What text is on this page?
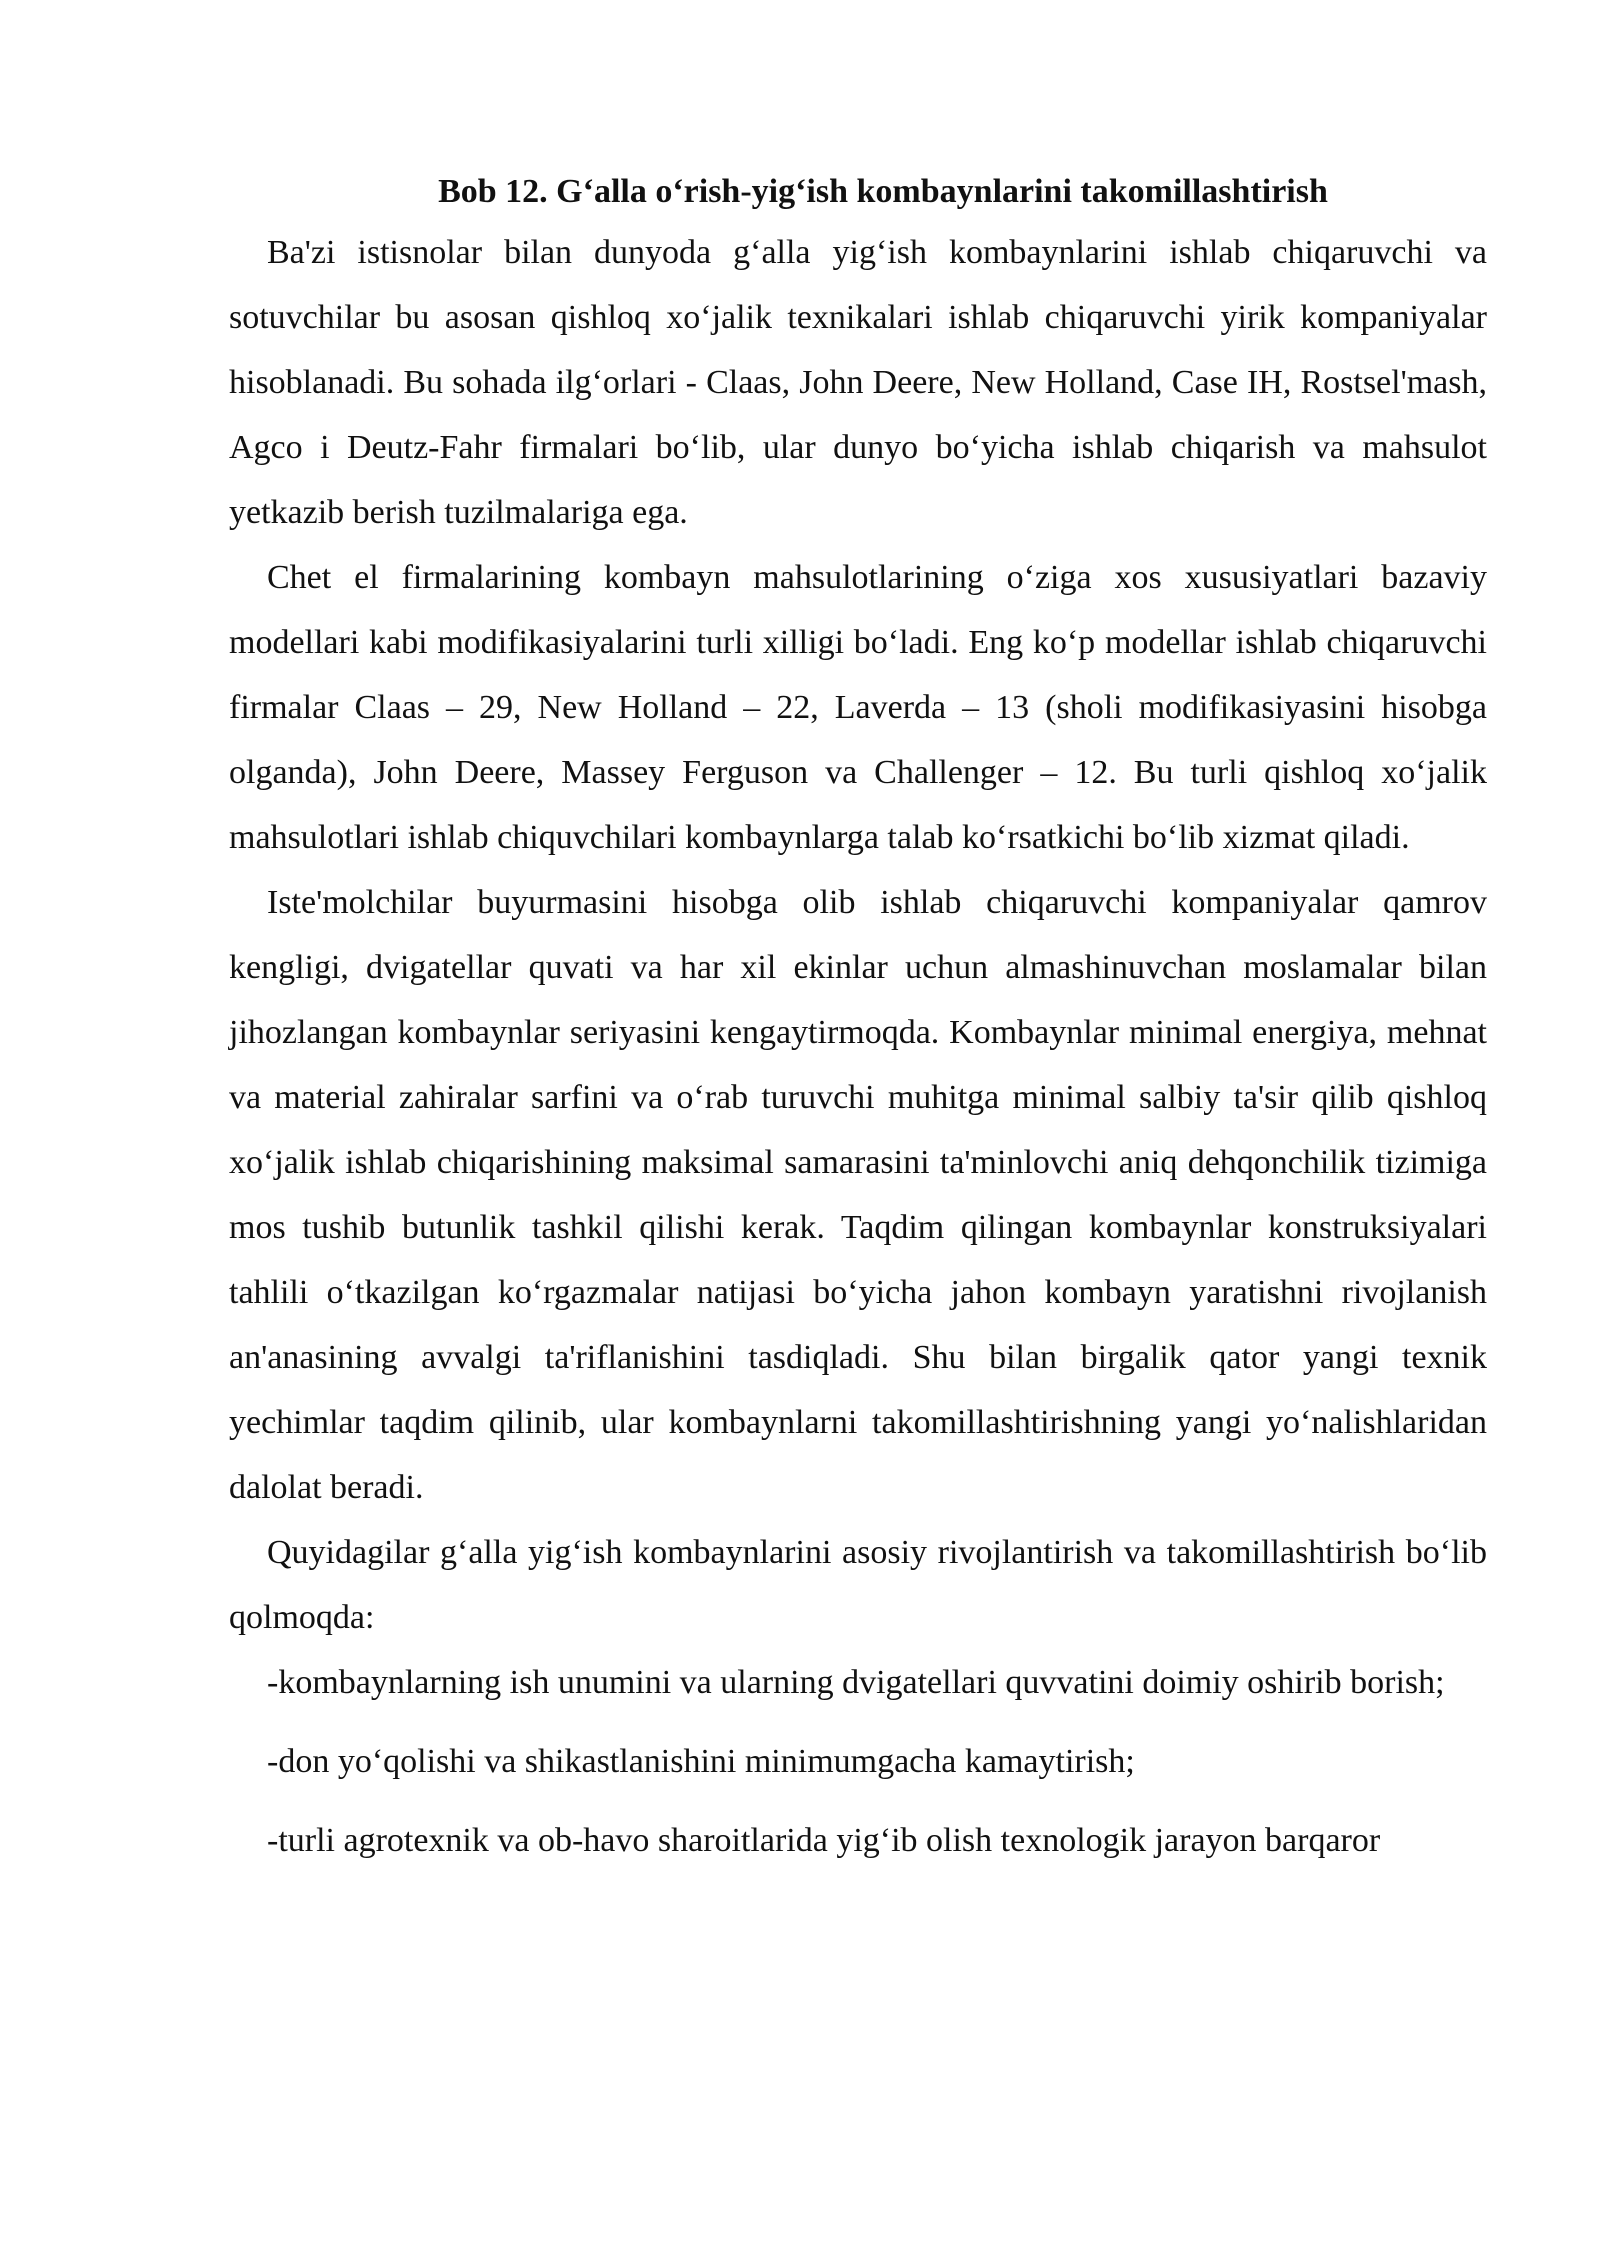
Bob 12. G‘alla o‘rish-yig‘ish kombaynlarini takomillashtirish

Ba'zi istisnolar bilan dunyoda g‘alla yig‘ish kombaynlarini ishlab chiqaruvchi va sotuvchilar bu asosan qishloq xo‘jalik texnikalari ishlab chiqaruvchi yirik kompaniyalar hisoblanadi. Bu sohada ilg‘orlari - Claas, John Deere, New Holland, Case IH, Rostsel'mash, Agco i Deutz-Fahr firmalari bo‘lib, ular dunyo bo‘yicha ishlab chiqarish va mahsulot yetkazib berish tuzilmalariga ega.

Chet el firmalarining kombayn mahsulotlarining o‘ziga xos xususiyatlari bazaviy modellari kabi modifikasiyalarini turli xilligi bo‘ladi. Eng ko‘p modellar ishlab chiqaruvchi firmalar Claas – 29, New Holland – 22, Laverda – 13 (sholi modifikasiyasini hisobga olganda), John Deere, Massey Ferguson va Challenger – 12. Bu turli qishloq xo‘jalik mahsulotlari ishlab chiquvchilari kombaynlarga talab ko‘rsatkichi bo‘lib xizmat qiladi.

Iste'molchilar buyurmasini hisobga olib ishlab chiqaruvchi kompaniyalar qamrov kengligi, dvigatellar quvati va har xil ekinlar uchun almashinuvchan moslamalar bilan jihozlangan kombaynlar seriyasini kengaytirmoqda. Kombaynlar minimal energiya, mehnat va material zahiralar sarfini va o‘rab turuvchi muhitga minimal salbiy ta'sir qilib qishloq xo‘jalik ishlab chiqarishining maksimal samarasini ta'minlovchi aniq dehqonchilik tizimiga mos tushib butunlik tashkil qilishi kerak. Taqdim qilingan kombaynlar konstruksiyalari tahlili o‘tkazilgan ko‘rgazmalar natijasi bo‘yicha jahon kombayn yaratishni rivojlanish an'anasining avvalgi ta'riflanishini tasdiqladi. Shu bilan birgalik qator yangi texnik yechimlar taqdim qilinib, ular kombaynlarni takomillashtirishning yangi yo‘nalishlaridan dalolat beradi.

Quyidagilar g‘alla yig‘ish kombaynlarini asosiy rivojlantirish va takomillashtirish bo‘lib qolmoqda:

-kombaynlarning ish unumini va ularning dvigatellari quvvatini doimiy oshirib borish;

-don yo‘qolishi va shikastlanishini minimumgacha kamaytirish;

-turli agrotexnik va ob-havo sharoitlarida yig‘ib olish texnologik jarayon barqaror
